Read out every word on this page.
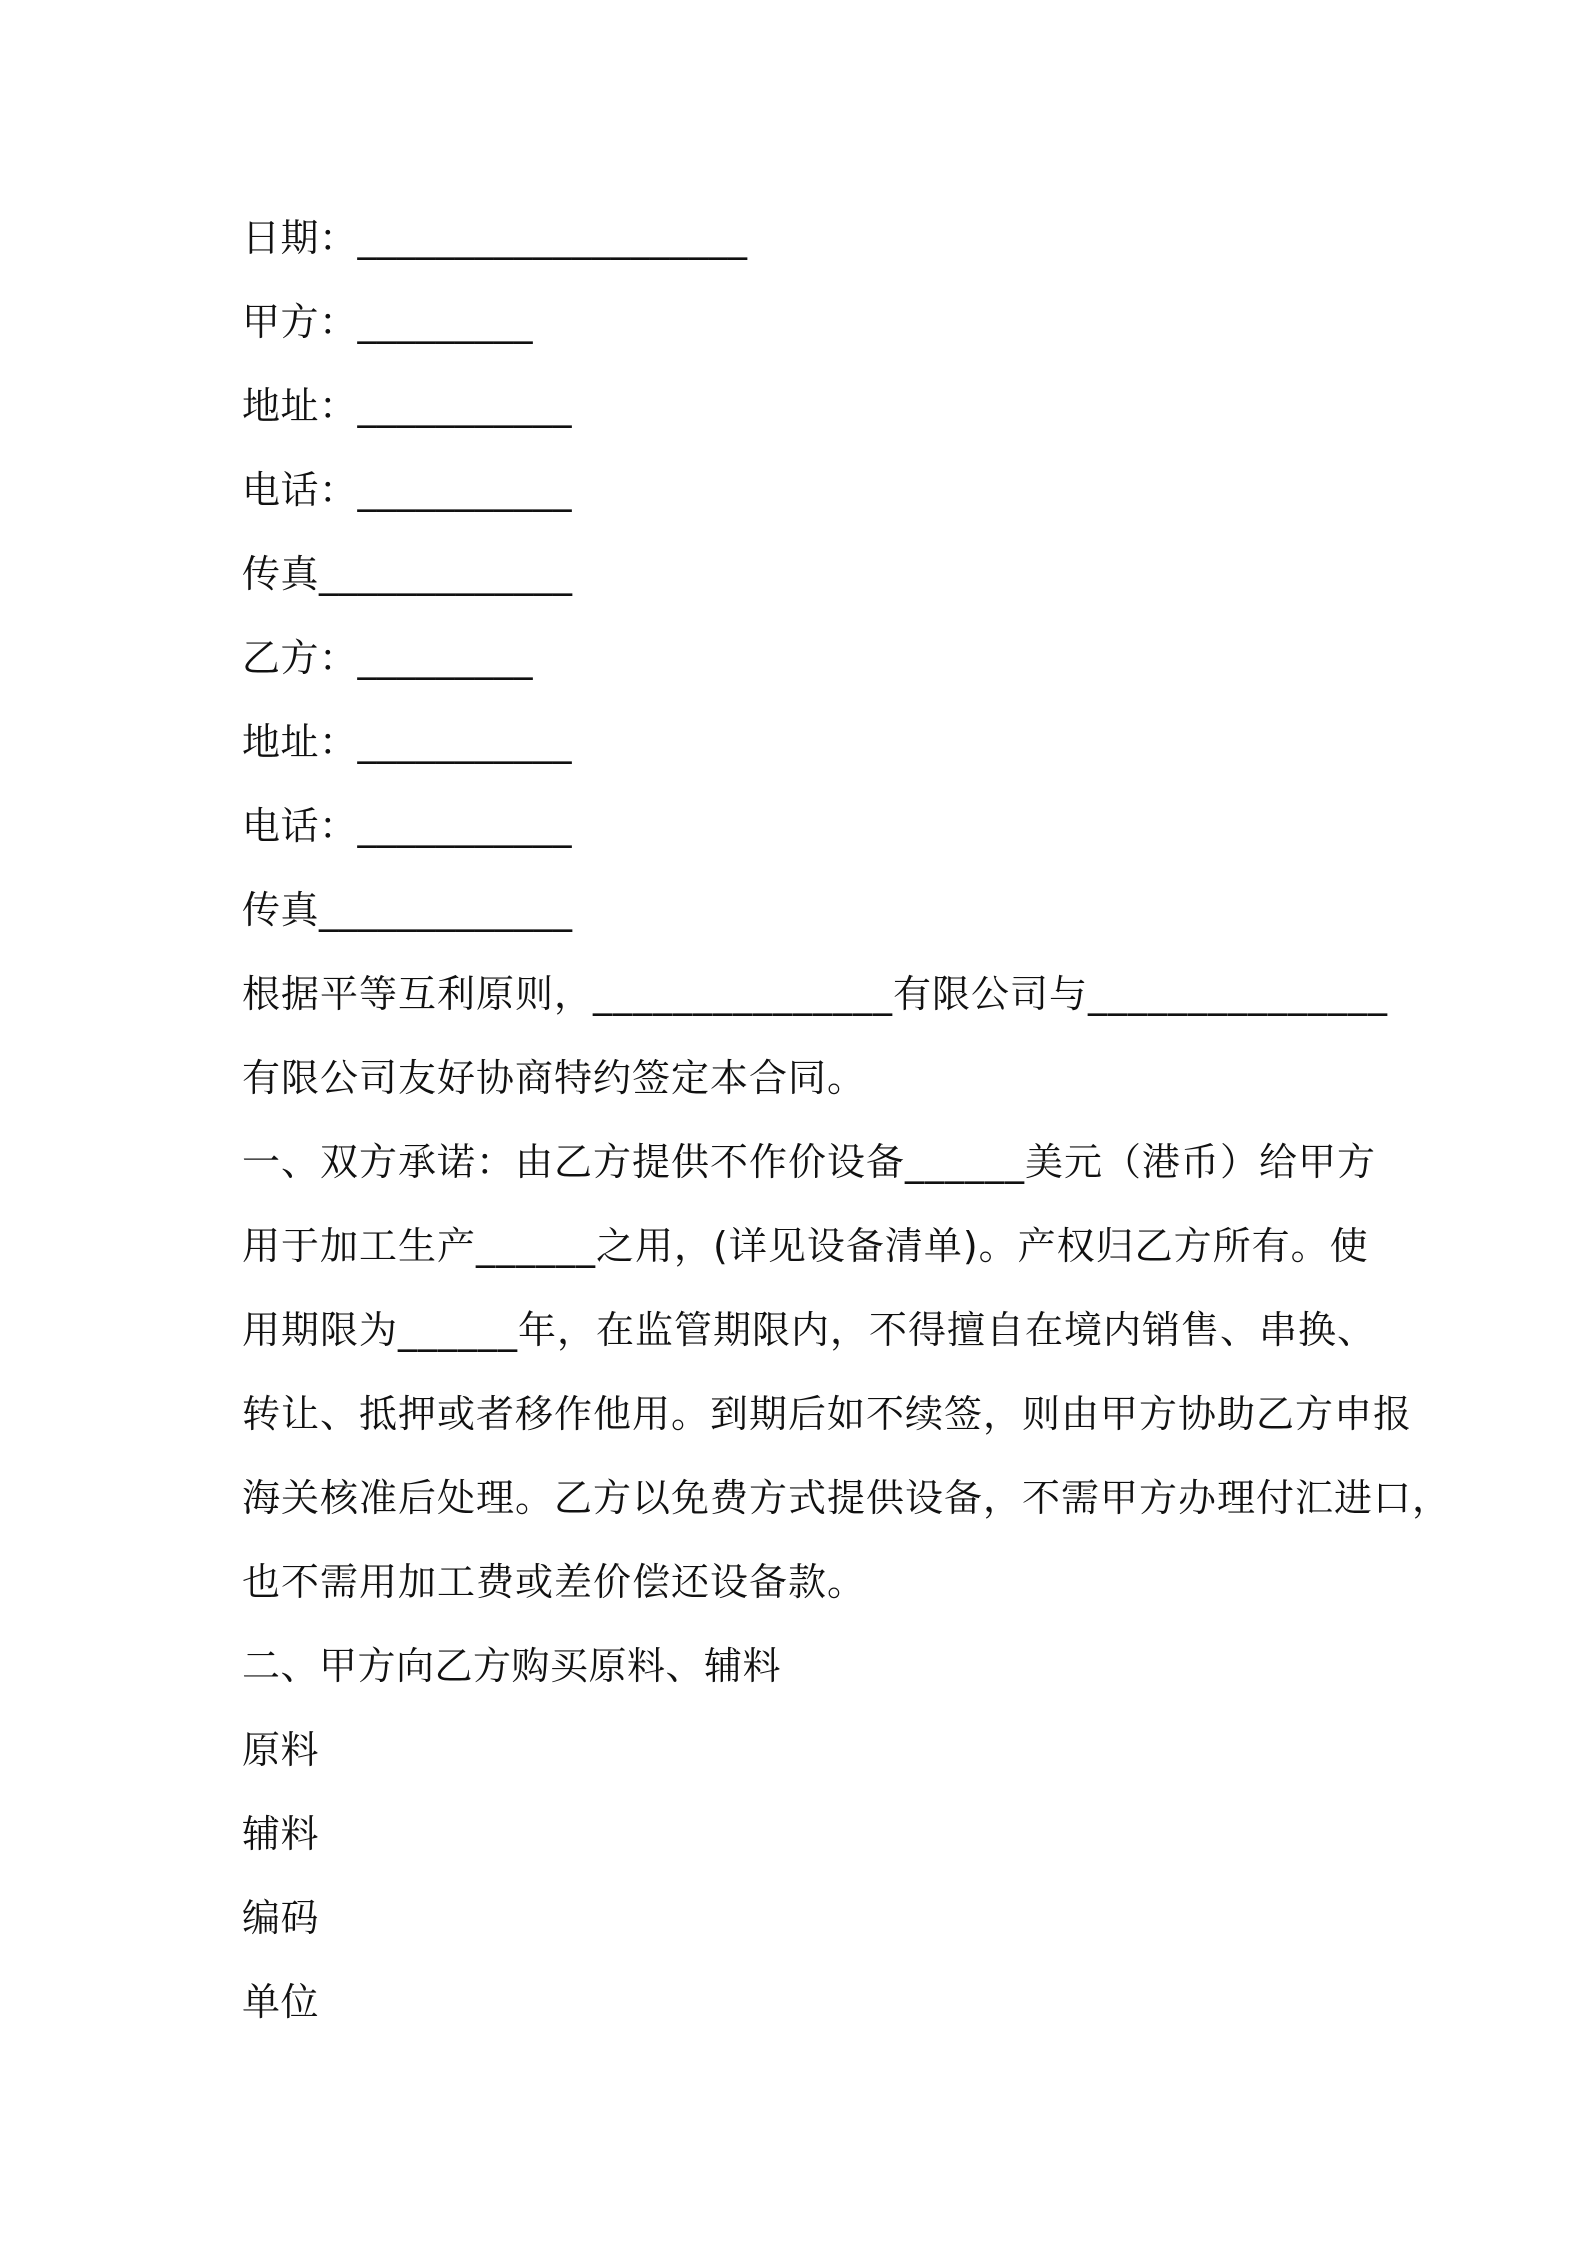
日期：____________________
甲方：_________
地址：___________
电话：___________
传真_____________
乙方：_________
地址：___________
电话：___________
传真_____________
根据平等互利原则，_______________有限公司与_______________
有限公司友好协商特约签定本合同。
一、双方承诺：由乙方提供不作价设备______美元（港币）给甲方
用于加工生产______之用，(详见设备清单)。产权归乙方所有。使
用期限为______年，在监管期限内，不得擅自在境内销售、串换、
转让、抵押或者移作他用。到期后如不续签，则由甲方协助乙方申报
海关核准后处理。乙方以免费方式提供设备，不需甲方办理付汇进口，
也不需用加工费或差价偿还设备款。
二、甲方向乙方购买原料、辅料
原料
辅料
编码
单位
